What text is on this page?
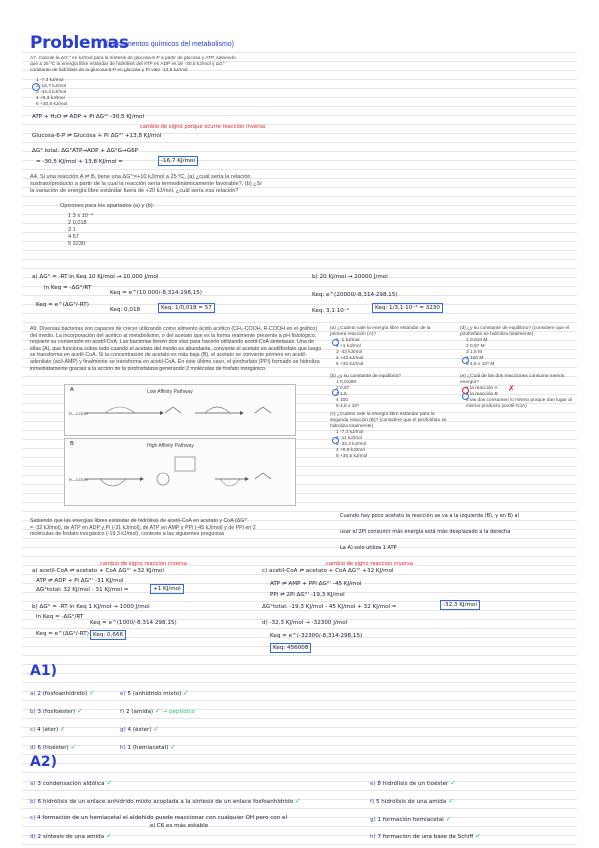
Problemas
(fundamentos químicos del metabolismo)
A7. Calcule la ΔG°' en kJ/mol para la síntesis de glucosa-6-P a partir de glucosa y ATP, sabiendo
que a 25 ºC la energía libre estándar de hidrólisis del ATP en ADP es de -30,5 kJ/mol y ΔG°'
constante de hidrólisis de la glucosa-6-P en glucosa y Pi vale -13,8 kJ/mol
1 -7,3 kJ/mol
2 -16,7 kJ/mol
3 -44,3 kJ/mol
4 +5,3 kJ/mol
5 +30,5 kJ/mol
ATP + H₂O ⇌ ADP + Pi ΔG°' -30,5 KJ/mol
cambio de signo porque ocurre reacción inversa
Glucosa-6-P ⇌ Glucosa + Pi ΔG°' +13,8 KJ/mol
ΔG° total: ΔG°ATP→ADP + ΔG°G→G6P
= -30,5 KJ/mol + 13,8 KJ/mol =	-16,7 KJ/mol
A4. Si una reacción A ⇌ B, tiene una ΔG°'=+10 kJ/mol a 25 ºC, (a) ¿cuál sería la relación
sustrato/producto a partir de la cual la reacción sería termodinámicamente favorable?, (b) ¿Si
la variación de energía libre estándar fuera de +20 kJ/mol, ¿cuál sería esa relación?
Opciones para los apartados (a) y (b):
1 3 x 10⁻⁴
2 0,018
3 1
4 57
5 3230
a) ΔG° = -RT·ln Keq 10 KJ/mol → 10.000 J/mol
ln Keq = -ΔG°/RT
Keq = e^(10.000/-8,314·298,15)
Keq = e^(ΔG°/-RT)
Keq: 0,018	Keq: 1/0,018 = 57
b) 20 KJ/mol → 20000 J/mol
Keq: e^(20000/-8,314·298,15)
Keq: 3,1·10⁻⁴	Keq: 1/3,1·10⁻⁴ = 3230
A9. Diversas bacterias son capaces de crecer utilizando como alimento ácido acético (CH₃-COOH, R-COOH en el gráfico) del medio. La incorporación del acético al metabolismo, o del acetato que es la forma realmente presente a pH fisiológico, requiere su conversión en acetil-CoA. Las bacterias tienen dos vías para hacerlo utilizando acetil-CoA sintetasas. Una de ellas (A), que funciona sobre todo cuando el acetato del medio es abundante, convierte el acetato en acetilfosfato que luego se transforma en acetil-CoA. Si la concentración de acetato es más baja (B), el acetato se convierte primero en acetil-adenilato (acil-AMP) y finalmente se transforma en acetil-CoA. En este último caso, el pirofosfato (PPi) formado se hidroliza inmediatamente gracias a la acción de la pirofosfatasa generando 2 moléculas de fosfato inorgánico.
Low Affinity Pathway
R—COOH
A
High Affinity Pathway
R—COOH
B
(a) ¿Cuánto vale la energía libre estándar de la primera reacción (A)?
1 -1 kJ/mol
2 +1 kJ/mol
3 -43 kJ/mol
4 +43 kJ/mol
5 +32 kJ/mol
(b) ¿y su constante de equilibrio?
1 0,018M
2 0,67
3 1,5
4 100
5 4,6 x 10⁶
(c) ¿Cuánto vale la energía libre estándar para la segunda reacción (B)? (considere que el pirofosfato se hidroliza totalmente)
1 -7,3 kJ/mol
2 -11 kJ/mol
3 -32,3 kJ/mol
4 +6,9 kJ/mol
5 +30,5 kJ/mol
(d) ¿y su constante de equilibrio? (considere que el pirofosfato se hidroliza totalmente)
1 0,010 M
2 0,67 M
3 1,5 M
4 100 M
5 4,6 x 10⁵ M
(e) ¿Cuál de las dos reacciones consume menos energía?
1 la reacción A
2 la reacción B
3 las dos consumen lo mismo porque dan lugar al mismo producto (acetil-CoA)
✗
Sabiendo que las energías libres estándar de hidrólisis de acetil-CoA en acetato y CoA (ΔG°'
= -32 kJ/mol), de ATP en ADP y Pi (-31 kJ/mol), de ATP en AMP y PPi (-45 kJ/mol) y de PPi en 2
moléculas de fosfato inorgánico (-19,3 kJ/mol), conteste a las siguientes preguntas
Cuando hay poco acetato la reacción se va a la izquierda (B), y en B) al
usar el 2Pi consumir más energía está más desplazado a la derecha
La A) solo utiliza 1 ATP
cambio de signo reacción inversa
a) acetil-CoA ⇌ acetato + CoA ΔG°' +32 KJ/mol
ATP ⇌ ADP + Pi ΔG°' -31 KJ/mol
ΔG°total: 32 KJ/mol - 31 KJ/mol =	+1 KJ/mol
b) ΔG° = -RT·ln Keq 1 KJ/mol → 1000 J/mol
ln Keq = -ΔG°/RT
Keq = e^(1000/-8,314·298,15)
Keq = e^(ΔG°/-RT) Keq: 0,666
cambio de signo reacción inversa
c) acetil-CoA ⇌ acetato + CoA ΔG°' +32 KJ/mol
ATP ⇌ AMP + PPi ΔG°' -45 KJ/mol
PPi ⇌ 2Pi ΔG°' -19,3 KJ/mol
ΔG°total: -19,3 KJ/mol - 45 KJ/mol + 32 KJ/mol =	-32,3 KJ/mol
d) -32,3 KJ/mol → -32300 J/mol
Keq = e^(-32300/-8,314·298,15)
Keq: 456008
A1)
a) 2 (fosfoanhídrido) ✓
b) 3 (fosfoéster) ✓
c) 4 (éter) ✓
d) 6 (tioéster) ✓
e) 5 (anhídrido mixto) ✓
f) 2 (amida) ✓ → peptídico
g) 4 (éster) ✓
h) 1 (hemiacetal) ✓
A2)
a) 3 condensación aldólica ✓
b) 6 hidrólisis de un enlace anhídrido mixto acoplada a la síntesis de un enlace fosfoanhídrido ✓
c) 4 formación de un hemiacetal el aldehído puede reaccionar con cualquier OH pero con el
el C6 es más estable
d) 2 síntesis de una amida ✓
e) 8 hidrólisis de un tioéster ✓
f) 5 hidrólisis de una amida ✓
g) 1 formación hemiacetal ✓
h) 7 formación de una base de Schiff ✓
